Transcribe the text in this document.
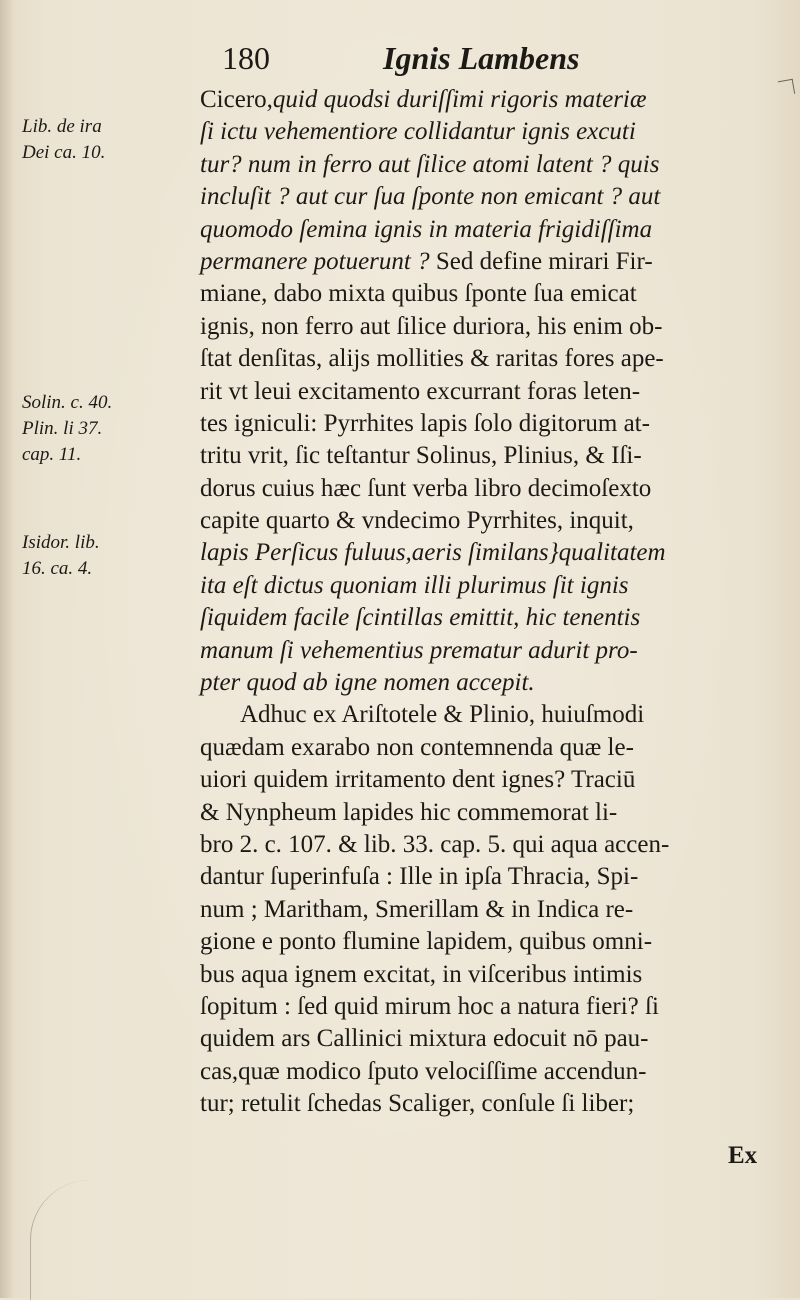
180	Ignis Lambens
Lib. de ira
Dei ca. 10.
Solin. c. 40.
Plin. li 37.
cap. 11.
Isidor. lib.
16. ca. 4.
Cicero,quid quodsi duriſſimi rigoris materiæ
ſi ictu vehementiore collidantur ignis excuti
tur? num in ferro aut ſilice atomi latent ? quis
incluſit ? aut cur ſua ſponte non emicant ? aut
quomodo ſemina ignis in materia frigidiſſima
permanere potuerunt ? Sed define mirari Fir-
miane, dabo mixta quibus ſponte ſua emicat
ignis, non ferro aut ſilice duriora, his enim ob-
ſtat denſitas, alijs mollities & raritas fores ape-
rit vt leui excitamento excurrant foras leten-
tes igniculi: Pyrrhites lapis ſolo digitorum at-
tritu vrit, ſic teſtantur Solinus, Plinius, & Iſi-
dorus cuius hæc ſunt verba libro decimoſexto
capite quarto & vndecimo Pyrrhites, inquit,
lapis Perſicus fuluus,aeris ſimilans}qualitatem
ita eſt dictus quoniam illi plurimus ſit ignis
ſiquidem facile ſcintillas emittit, hic tenentis
manum ſi vehementius prematur adurit pro-
pter quod ab igne nomen accepit.
Adhuc ex Ariſtotele & Plinio, huiuſmodi
quædam exarabo non contemnenda quæ le-
uiori quidem irritamento dent ignes? Traciū
& Nynpheum lapides hic commemorat li-
bro 2. c. 107. & lib. 33. cap. 5. qui aqua accen-
dantur ſuperinfuſa : Ille in ipſa Thracia, Spi-
num ; Maritham, Smerillam & in Indica re-
gione e ponto flumine lapidem, quibus omni-
bus aqua ignem excitat, in viſceribus intimis
ſopitum : ſed quid mirum hoc a natura fieri? ſi
quidem ars Callinici mixtura edocuit nō pau-
cas,quæ modico ſputo velociſſime accendun-
tur; retulit ſchedas Scaliger, conſule ſi liber;
Ex
